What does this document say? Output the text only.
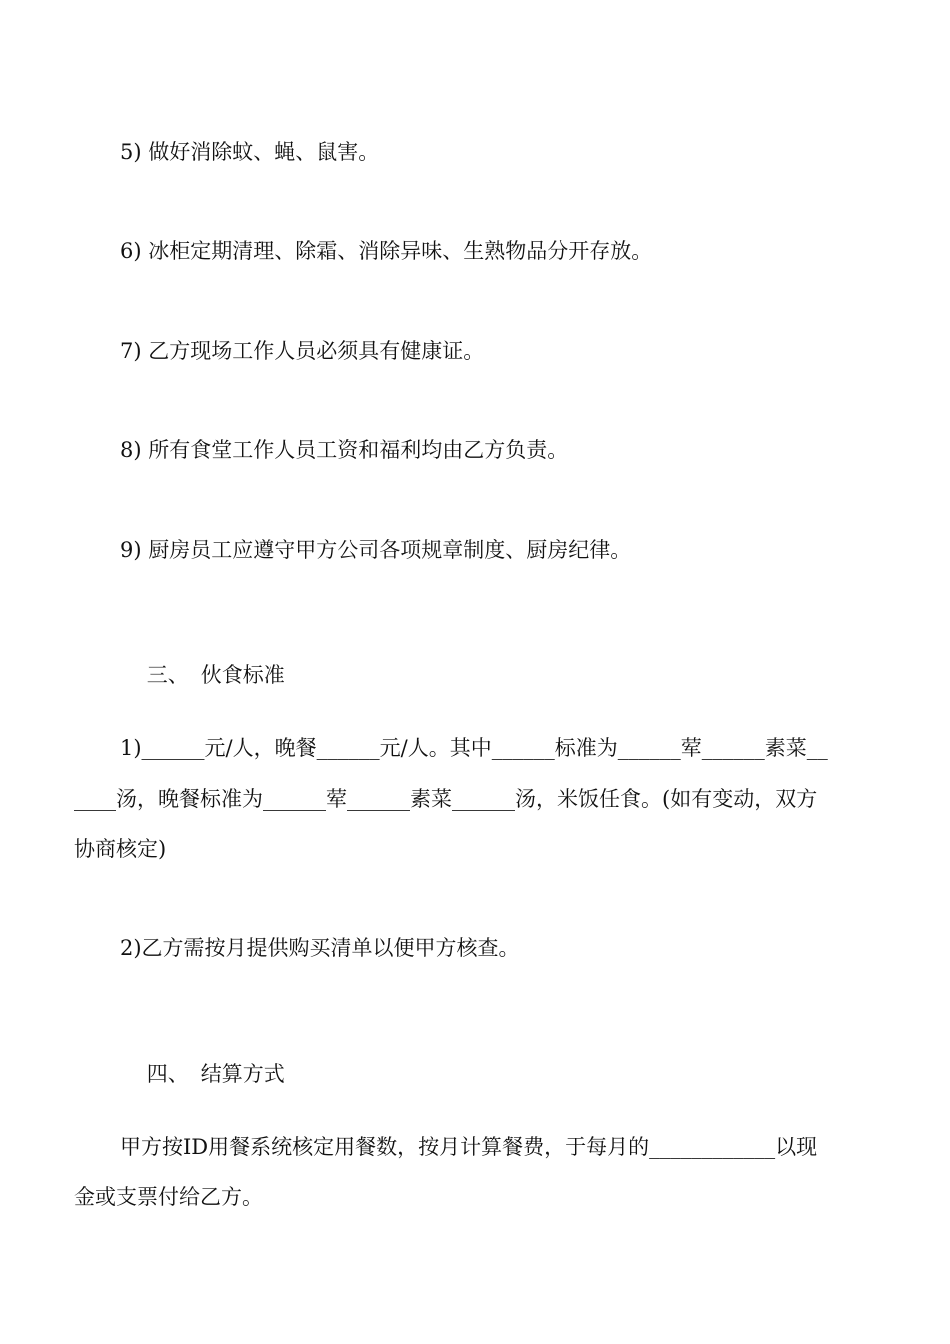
5) 做好消除蚊、蝇、鼠害。
6) 冰柜定期清理、除霜、消除异味、生熟物品分开存放。
7) 乙方现场工作人员必须具有健康证。
8) 所有食堂工作人员工资和福利均由乙方负责。
9) 厨房员工应遵守甲方公司各项规章制度、厨房纪律。

三、 伙食标准

1)______元/人，晚餐______元/人。其中______标准为______荤______素菜__
____汤，晚餐标准为______荤______素菜______汤，米饭任食。(如有变动，双方
协商核定)
2)乙方需按月提供购买清单以便甲方核查。

四、 结算方式

甲方按ID用餐系统核定用餐数，按月计算餐费，于每月的____________以现
金或支票付给乙方。
